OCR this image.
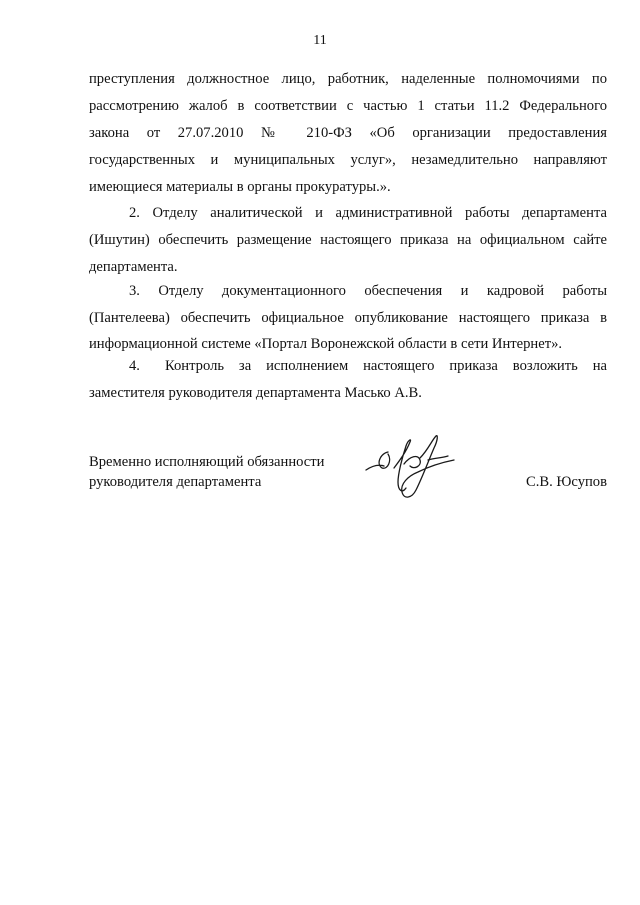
11
преступления должностное лицо, работник, наделенные полномочиями по
рассмотрению жалоб в соответствии с частью 1 статьи 11.2 Федерального
закона от 27.07.2010 № 210-ФЗ «Об организации предоставления
государственных и муниципальных услуг», незамедлительно направляют
имеющиеся материалы в органы прокуратуры.».
2. Отделу аналитической и административной работы департамента
(Ишутин) обеспечить размещение настоящего приказа на официальном сайте
департамента.
3. Отделу документационного обеспечения и кадровой работы
(Пантелеева) обеспечить официальное опубликование настоящего приказа в
информационной системе «Портал Воронежской области в сети Интернет».
4. Контроль за исполнением настоящего приказа возложить на
заместителя руководителя департамента Масько А.В.
Временно исполняющий обязанности
руководителя департамента	С.В. Юсупов
